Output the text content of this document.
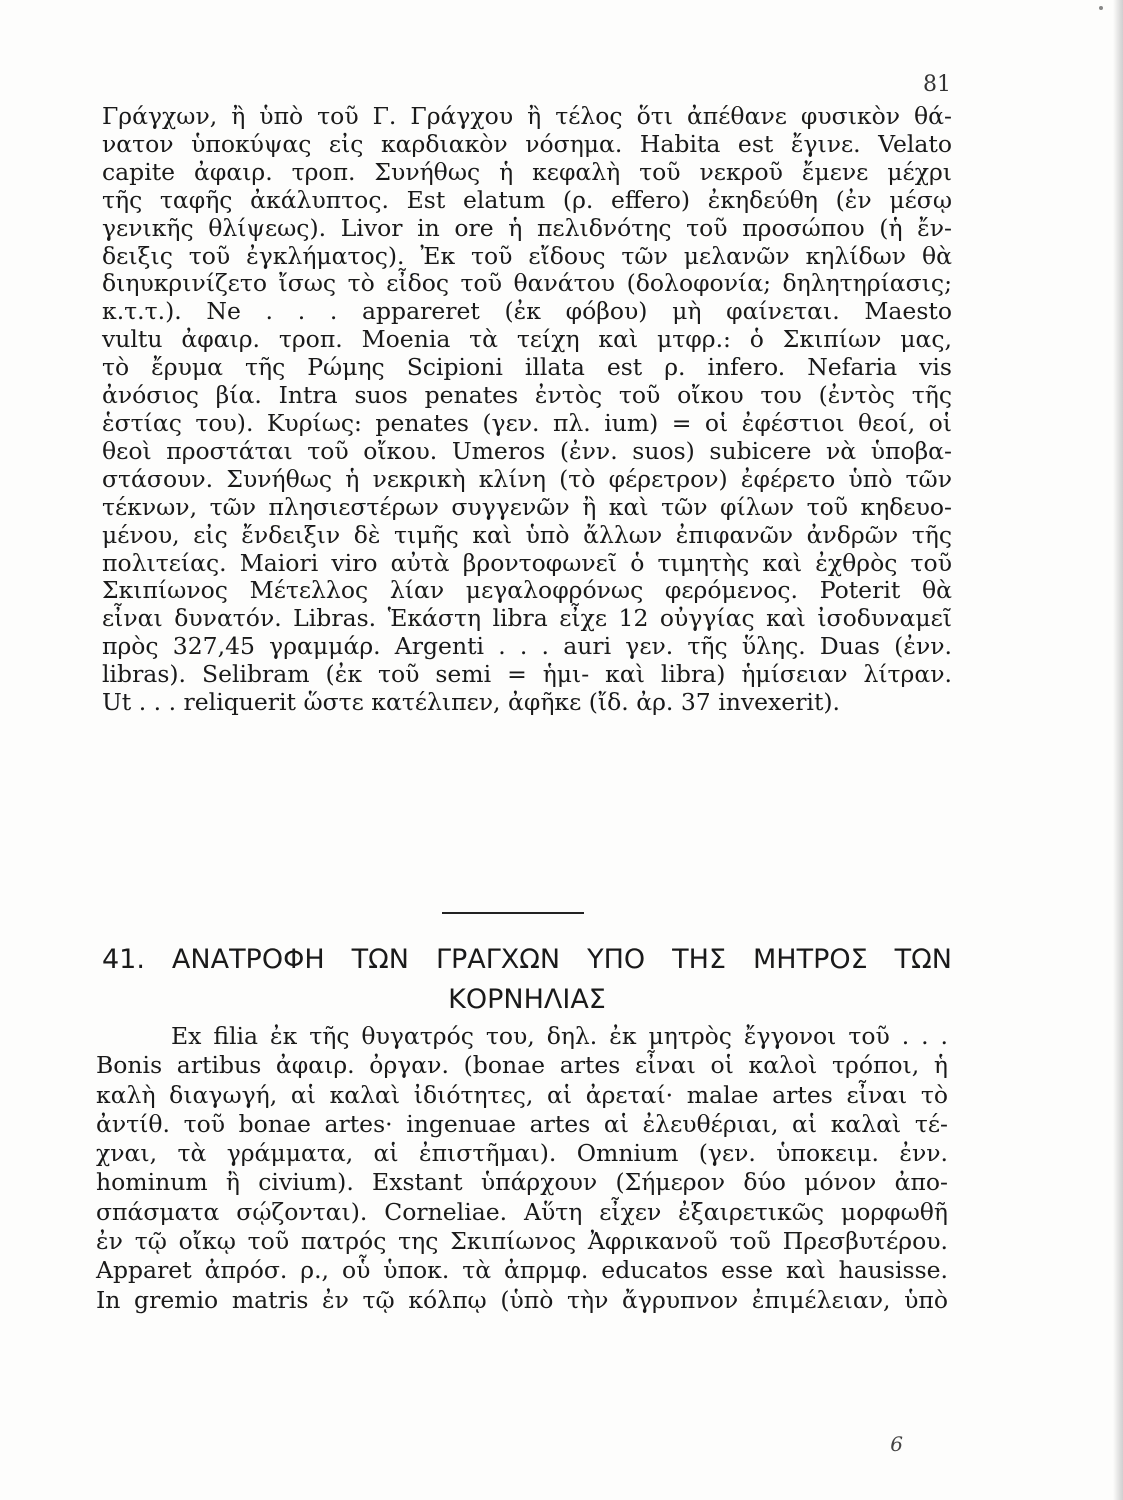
81
Γράγχων, ἢ ὑπὸ τοῦ Γ. Γράγχου ἢ τέλος ὅτι ἀπέθανε φυσικὸν θά-
νατον ὑποκύψας εἰς καρδιακὸν νόσημα. Habita est ἔγινε. Velato
capite ἀφαιρ. τροπ. Συνήθως ἡ κεφαλὴ τοῦ νεκροῦ ἔμενε μέχρι
τῆς ταφῆς ἀκάλυπτος. Est elatum (ρ. effero) ἐκηδεύθη (ἐν μέσῳ
γενικῆς θλίψεως). Livor in ore ἡ πελιδνότης τοῦ προσώπου (ἡ ἔν-
δειξις τοῦ ἐγκλήματος). Ἐκ τοῦ εἴδους τῶν μελανῶν κηλίδων θὰ
διηυκρινίζετο ἴσως τὸ εἶδος τοῦ θανάτου (δολοφονία; δηλητηρίασις;
κ.τ.τ.). Ne . . . appareret (ἐκ φόβου) μὴ φαίνεται. Maesto
vultu ἀφαιρ. τροπ. Moenia τὰ τείχη καὶ μτφρ.: ὁ Σκιπίων μας,
τὸ ἔρυμα τῆς Ρώμης Scipioni illata est ρ. infero. Nefaria vis
ἀνόσιος βία. Intra suos penates ἐντὸς τοῦ οἴκου του (ἐντὸς τῆς
ἑστίας του). Κυρίως: penates (γεν. πλ. ium) = οἱ ἐφέστιοι θεοί, οἱ
θεοὶ προστάται τοῦ οἴκου. Umeros (ἐνν. suos) subicere νὰ ὑποβα-
στάσουν. Συνήθως ἡ νεκρικὴ κλίνη (τὸ φέρετρον) ἐφέρετο ὑπὸ τῶν
τέκνων, τῶν πλησιεστέρων συγγενῶν ἢ καὶ τῶν φίλων τοῦ κηδευο-
μένου, εἰς ἔνδειξιν δὲ τιμῆς καὶ ὑπὸ ἄλλων ἐπιφανῶν ἀνδρῶν τῆς
πολιτείας. Maiori viro αὐτὰ βροντοφωνεῖ ὁ τιμητὴς καὶ ἐχθρὸς τοῦ
Σκιπίωνος Μέτελλος λίαν μεγαλοφρόνως φερόμενος. Poterit θὰ
εἶναι δυνατόν. Libras. Ἑκάστη libra εἶχε 12 οὐγγίας καὶ ἰσοδυναμεῖ
πρὸς 327,45 γραμμάρ. Argenti . . . auri γεν. τῆς ὕλης. Duas (ἐνν.
libras). Selibram (ἐκ τοῦ semi = ἡμι- καὶ libra) ἡμίσειαν λίτραν.
Ut . . . reliquerit ὥστε κατέλιπεν, ἀφῆκε (ἴδ. ἀρ. 37 invexerit).
41. ΑΝΑΤΡΟΦΗ ΤΩΝ ΓΡΑΓΧΩΝ ΥΠΟ ΤΗΣ ΜΗΤΡΟΣ ΤΩΝ
ΚΟΡΝΗΛΙΑΣ
Ex filia ἐκ τῆς θυγατρός του, δηλ. ἐκ μητρὸς ἔγγονοι τοῦ . . .
Bonis artibus ἀφαιρ. ὀργαν. (bonae artes εἶναι οἱ καλοὶ τρόποι, ἡ
καλὴ διαγωγή, αἱ καλαὶ ἰδιότητες, αἱ ἀρεταί· malae artes εἶναι τὸ
ἀντίθ. τοῦ bonae artes· ingenuae artes αἱ ἐλευθέριαι, αἱ καλαὶ τέ-
χναι, τὰ γράμματα, αἱ ἐπιστῆμαι). Omnium (γεν. ὑποκειμ. ἐνν.
hominum ἢ civium). Exstant ὑπάρχουν (Σήμερον δύο μόνον ἀπο-
σπάσματα σῴζονται). Corneliae. Αὕτη εἶχεν ἐξαιρετικῶς μορφωθῆ
ἐν τῷ οἴκῳ τοῦ πατρός της Σκιπίωνος Ἀφρικανοῦ τοῦ Πρεσβυτέρου.
Apparet ἀπρόσ. ρ., οὗ ὑποκ. τὰ ἀπρμφ. educatos esse καὶ hausisse.
In gremio matris ἐν τῷ κόλπῳ (ὑπὸ τὴν ἄγρυπνον ἐπιμέλειαν, ὑπὸ
6
